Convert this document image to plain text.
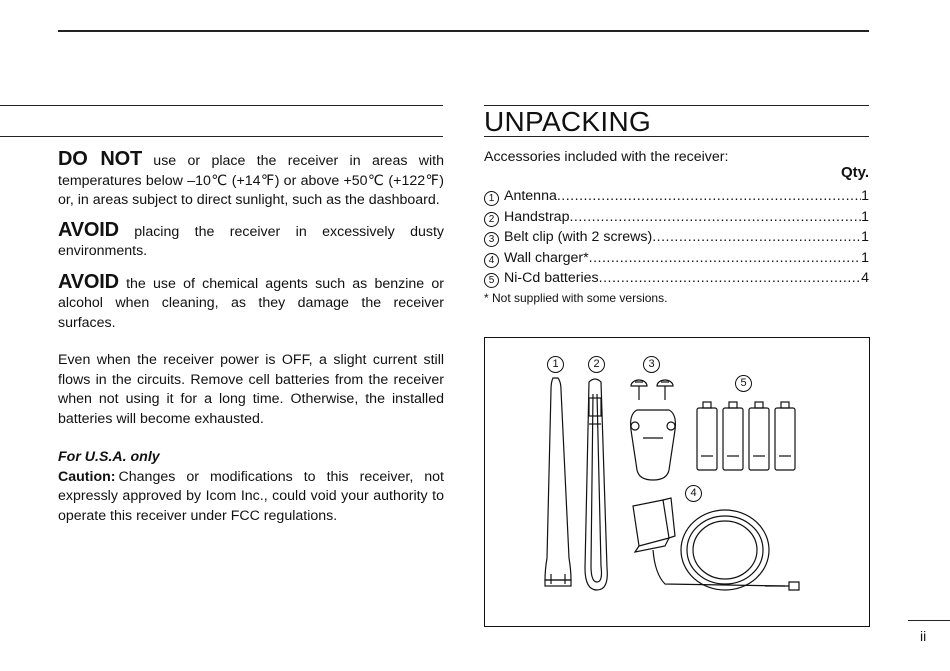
DO NOT use or place the receiver in areas with temperatures below –10℃ (+14℉) or above +50℃ (+122℉) or, in areas subject to direct sunlight, such as the dashboard.

AVOID placing the receiver in excessively dusty environments.

AVOID the use of chemical agents such as benzine or alcohol when cleaning, as they damage the receiver surfaces.

Even when the receiver power is OFF, a slight current still flows in the circuits. Remove cell batteries from the receiver when not using it for a long time. Otherwise, the installed batteries will become exhausted.

For U.S.A. only

Caution: Changes or modifications to this receiver, not expressly approved by Icom Inc., could void your authority to operate this receiver under FCC regulations.

UNPACKING
Accessories included with the receiver:
Qty.
1 Antenna .....	1
2 Handstrap .....	1
3 Belt clip (with 2 screws) .....	1
4 Wall charger* .....	1
5 Ni-Cd batteries .....	4
* Not supplied with some versions.
1	2	3
4
5
ii
